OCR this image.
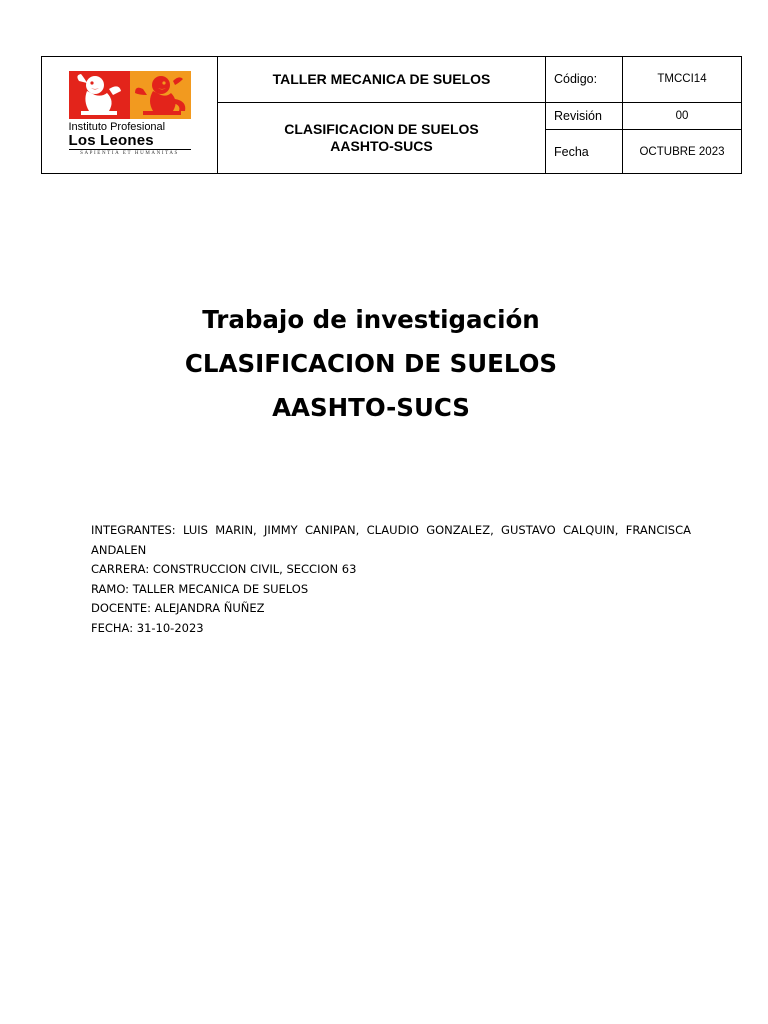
Instituto Profesional
Los Leones
SAPIENTIA ET HUMANITAS	TALLER MECANICA DE SUELOS	Código:	TMCCI14

	CLASIFICACION DE SUELOS
AASHTO-SUCS	Revisión	00
		Fecha	OCTUBRE 2023
Trabajo de investigación
CLASIFICACION DE SUELOS
AASHTO-SUCS
INTEGRANTES: LUIS MARIN, JIMMY CANIPAN, CLAUDIO GONZALEZ, GUSTAVO CALQUIN, FRANCISCA
ANDALEN
CARRERA: CONSTRUCCION CIVIL, SECCION 63
RAMO: TALLER MECANICA DE SUELOS
DOCENTE: ALEJANDRA ÑUÑEZ
FECHA: 31-10-2023
